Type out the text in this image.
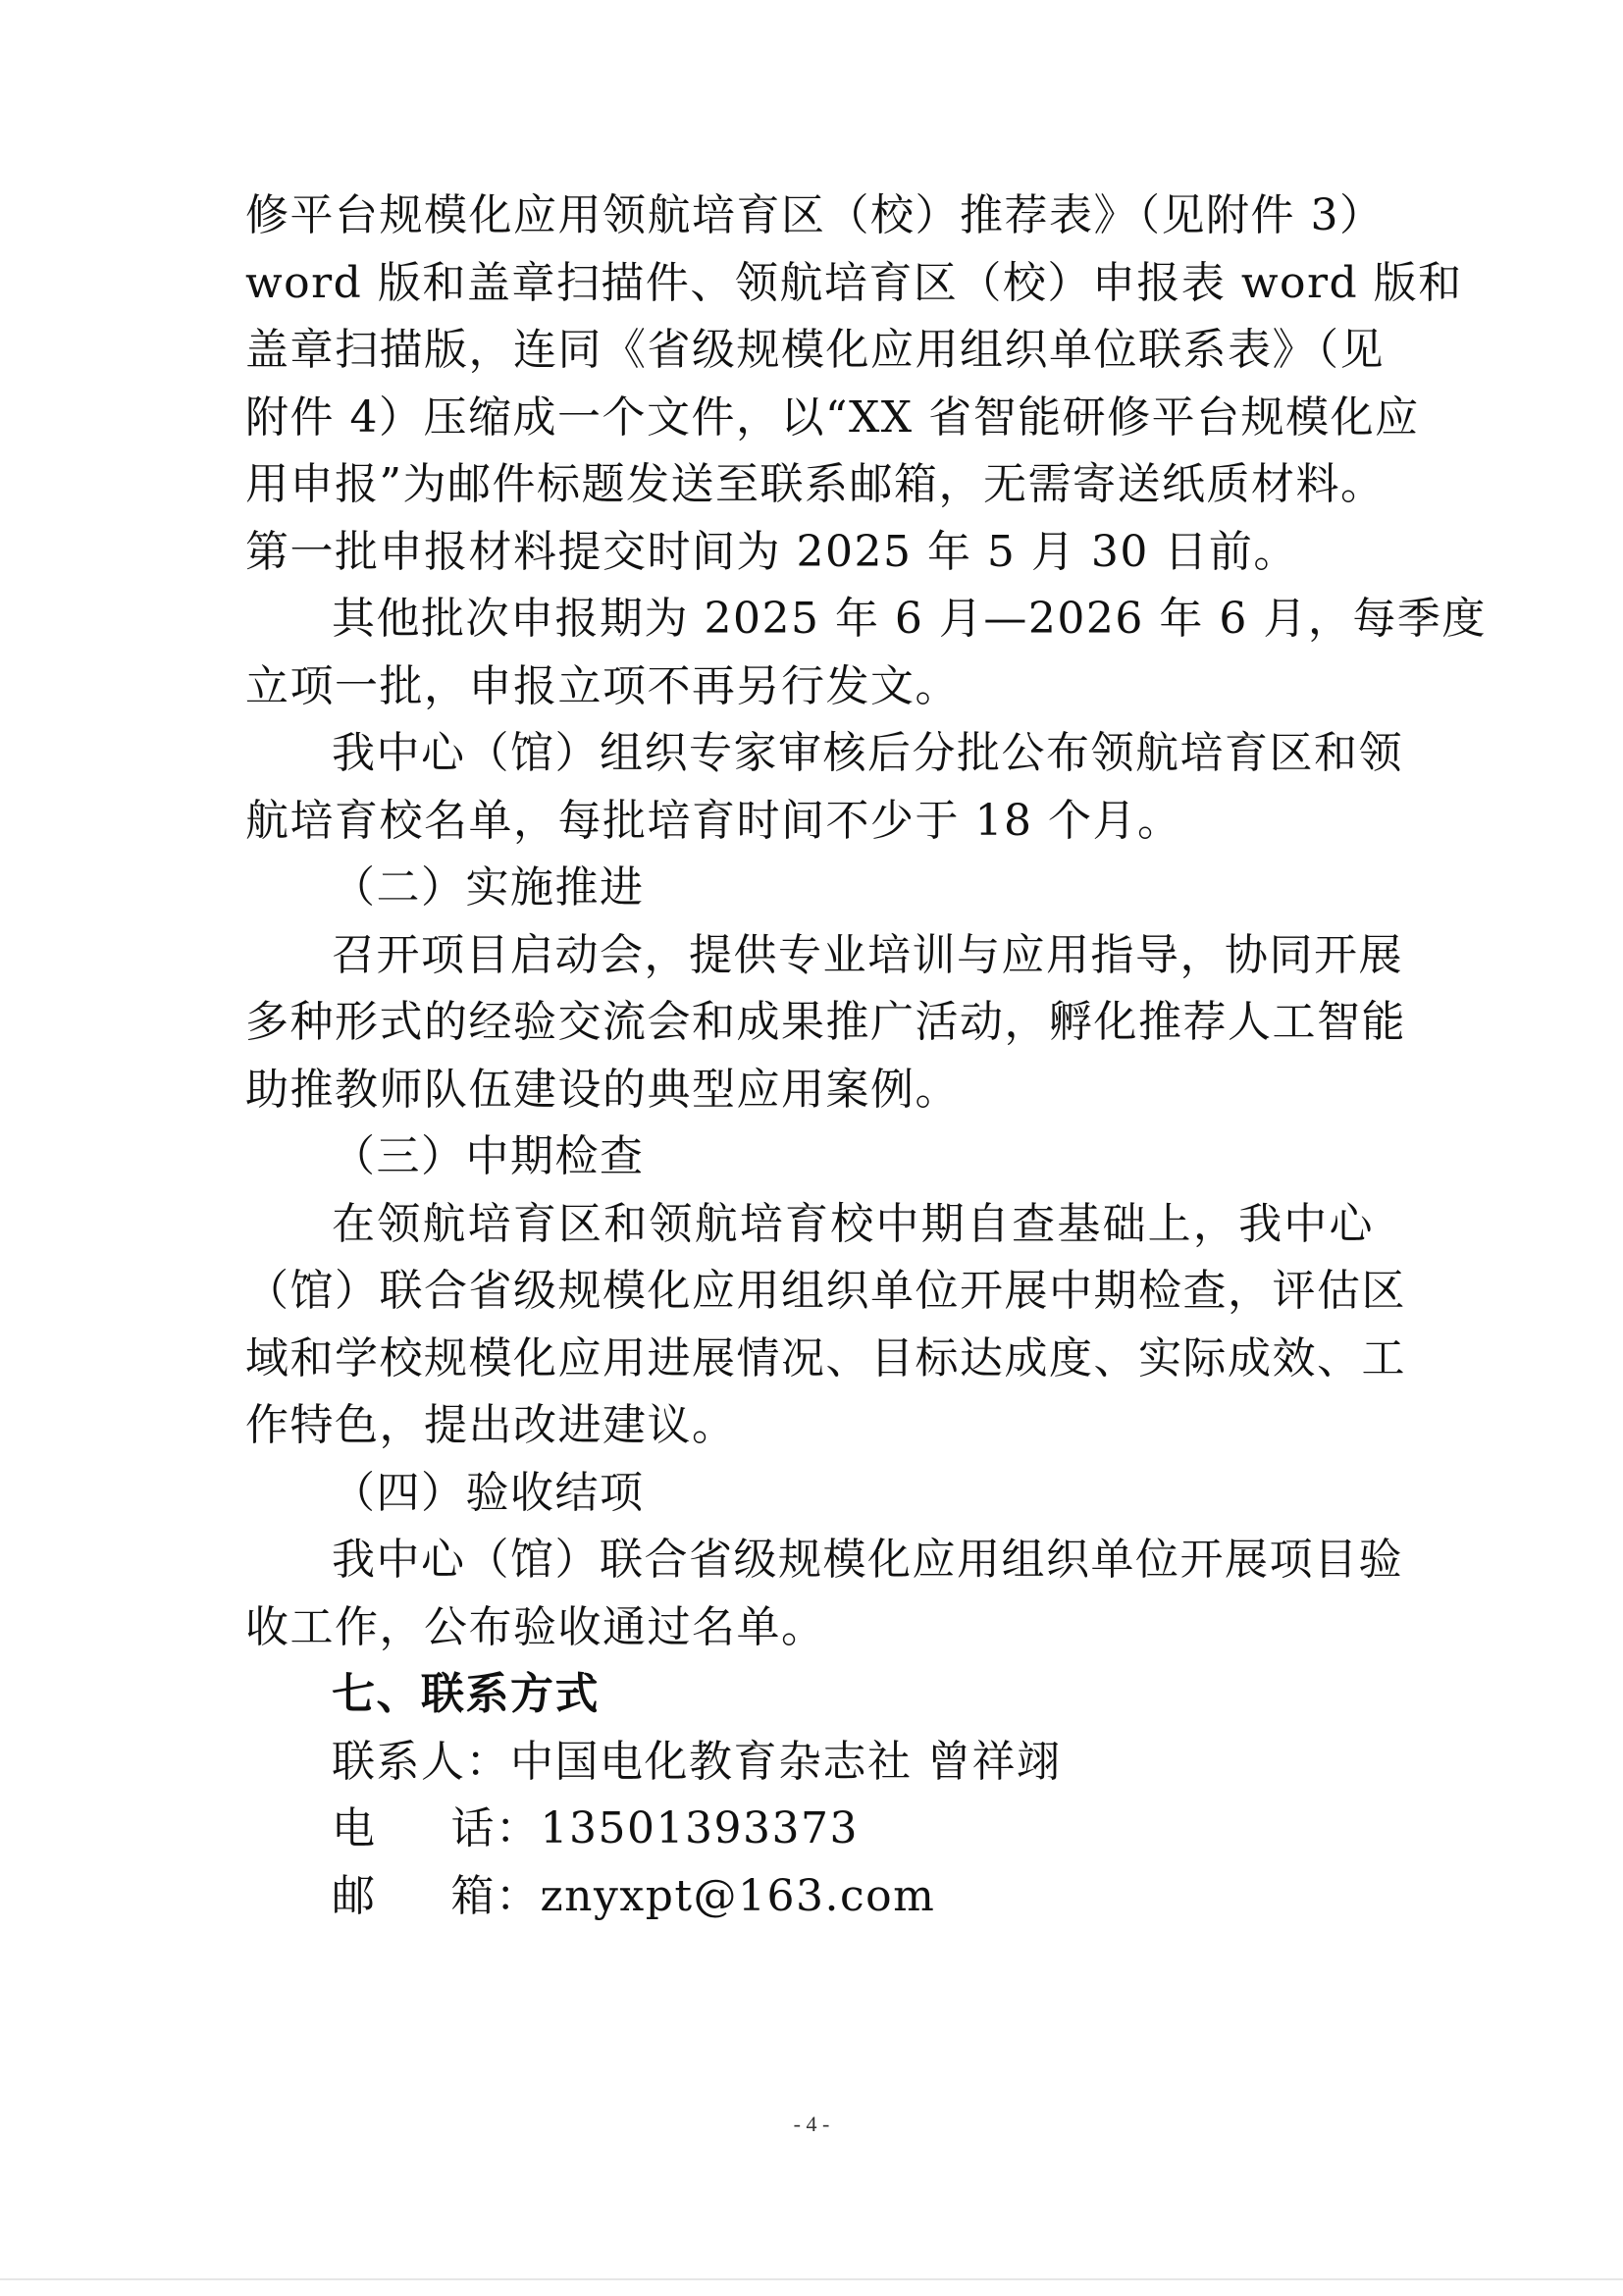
修平台规模化应用领航培育区（校）推荐表》（见附件 3）
word 版和盖章扫描件、领航培育区（校）申报表 word 版和
盖章扫描版，连同《省级规模化应用组织单位联系表》（见
附件 4）压缩成一个文件，以“XX 省智能研修平台规模化应
用申报”为邮件标题发送至联系邮箱，无需寄送纸质材料。
第一批申报材料提交时间为 2025 年 5 月 30 日前。
其他批次申报期为 2025 年 6 月—2026 年 6 月，每季度
立项一批，申报立项不再另行发文。
我中心（馆）组织专家审核后分批公布领航培育区和领
航培育校名单，每批培育时间不少于 18 个月。
（二）实施推进
召开项目启动会，提供专业培训与应用指导，协同开展
多种形式的经验交流会和成果推广活动，孵化推荐人工智能
助推教师队伍建设的典型应用案例。
（三）中期检查
在领航培育区和领航培育校中期自查基础上，我中心
（馆）联合省级规模化应用组织单位开展中期检查，评估区
域和学校规模化应用进展情况、目标达成度、实际成效、工
作特色，提出改进建议。
（四）验收结项
我中心（馆）联合省级规模化应用组织单位开展项目验
收工作，公布验收通过名单。
七、联系方式
联系人：中国电化教育杂志社 曾祥翊
电 话：13501393373
邮 箱：znyxpt@163.com
- 4 -
